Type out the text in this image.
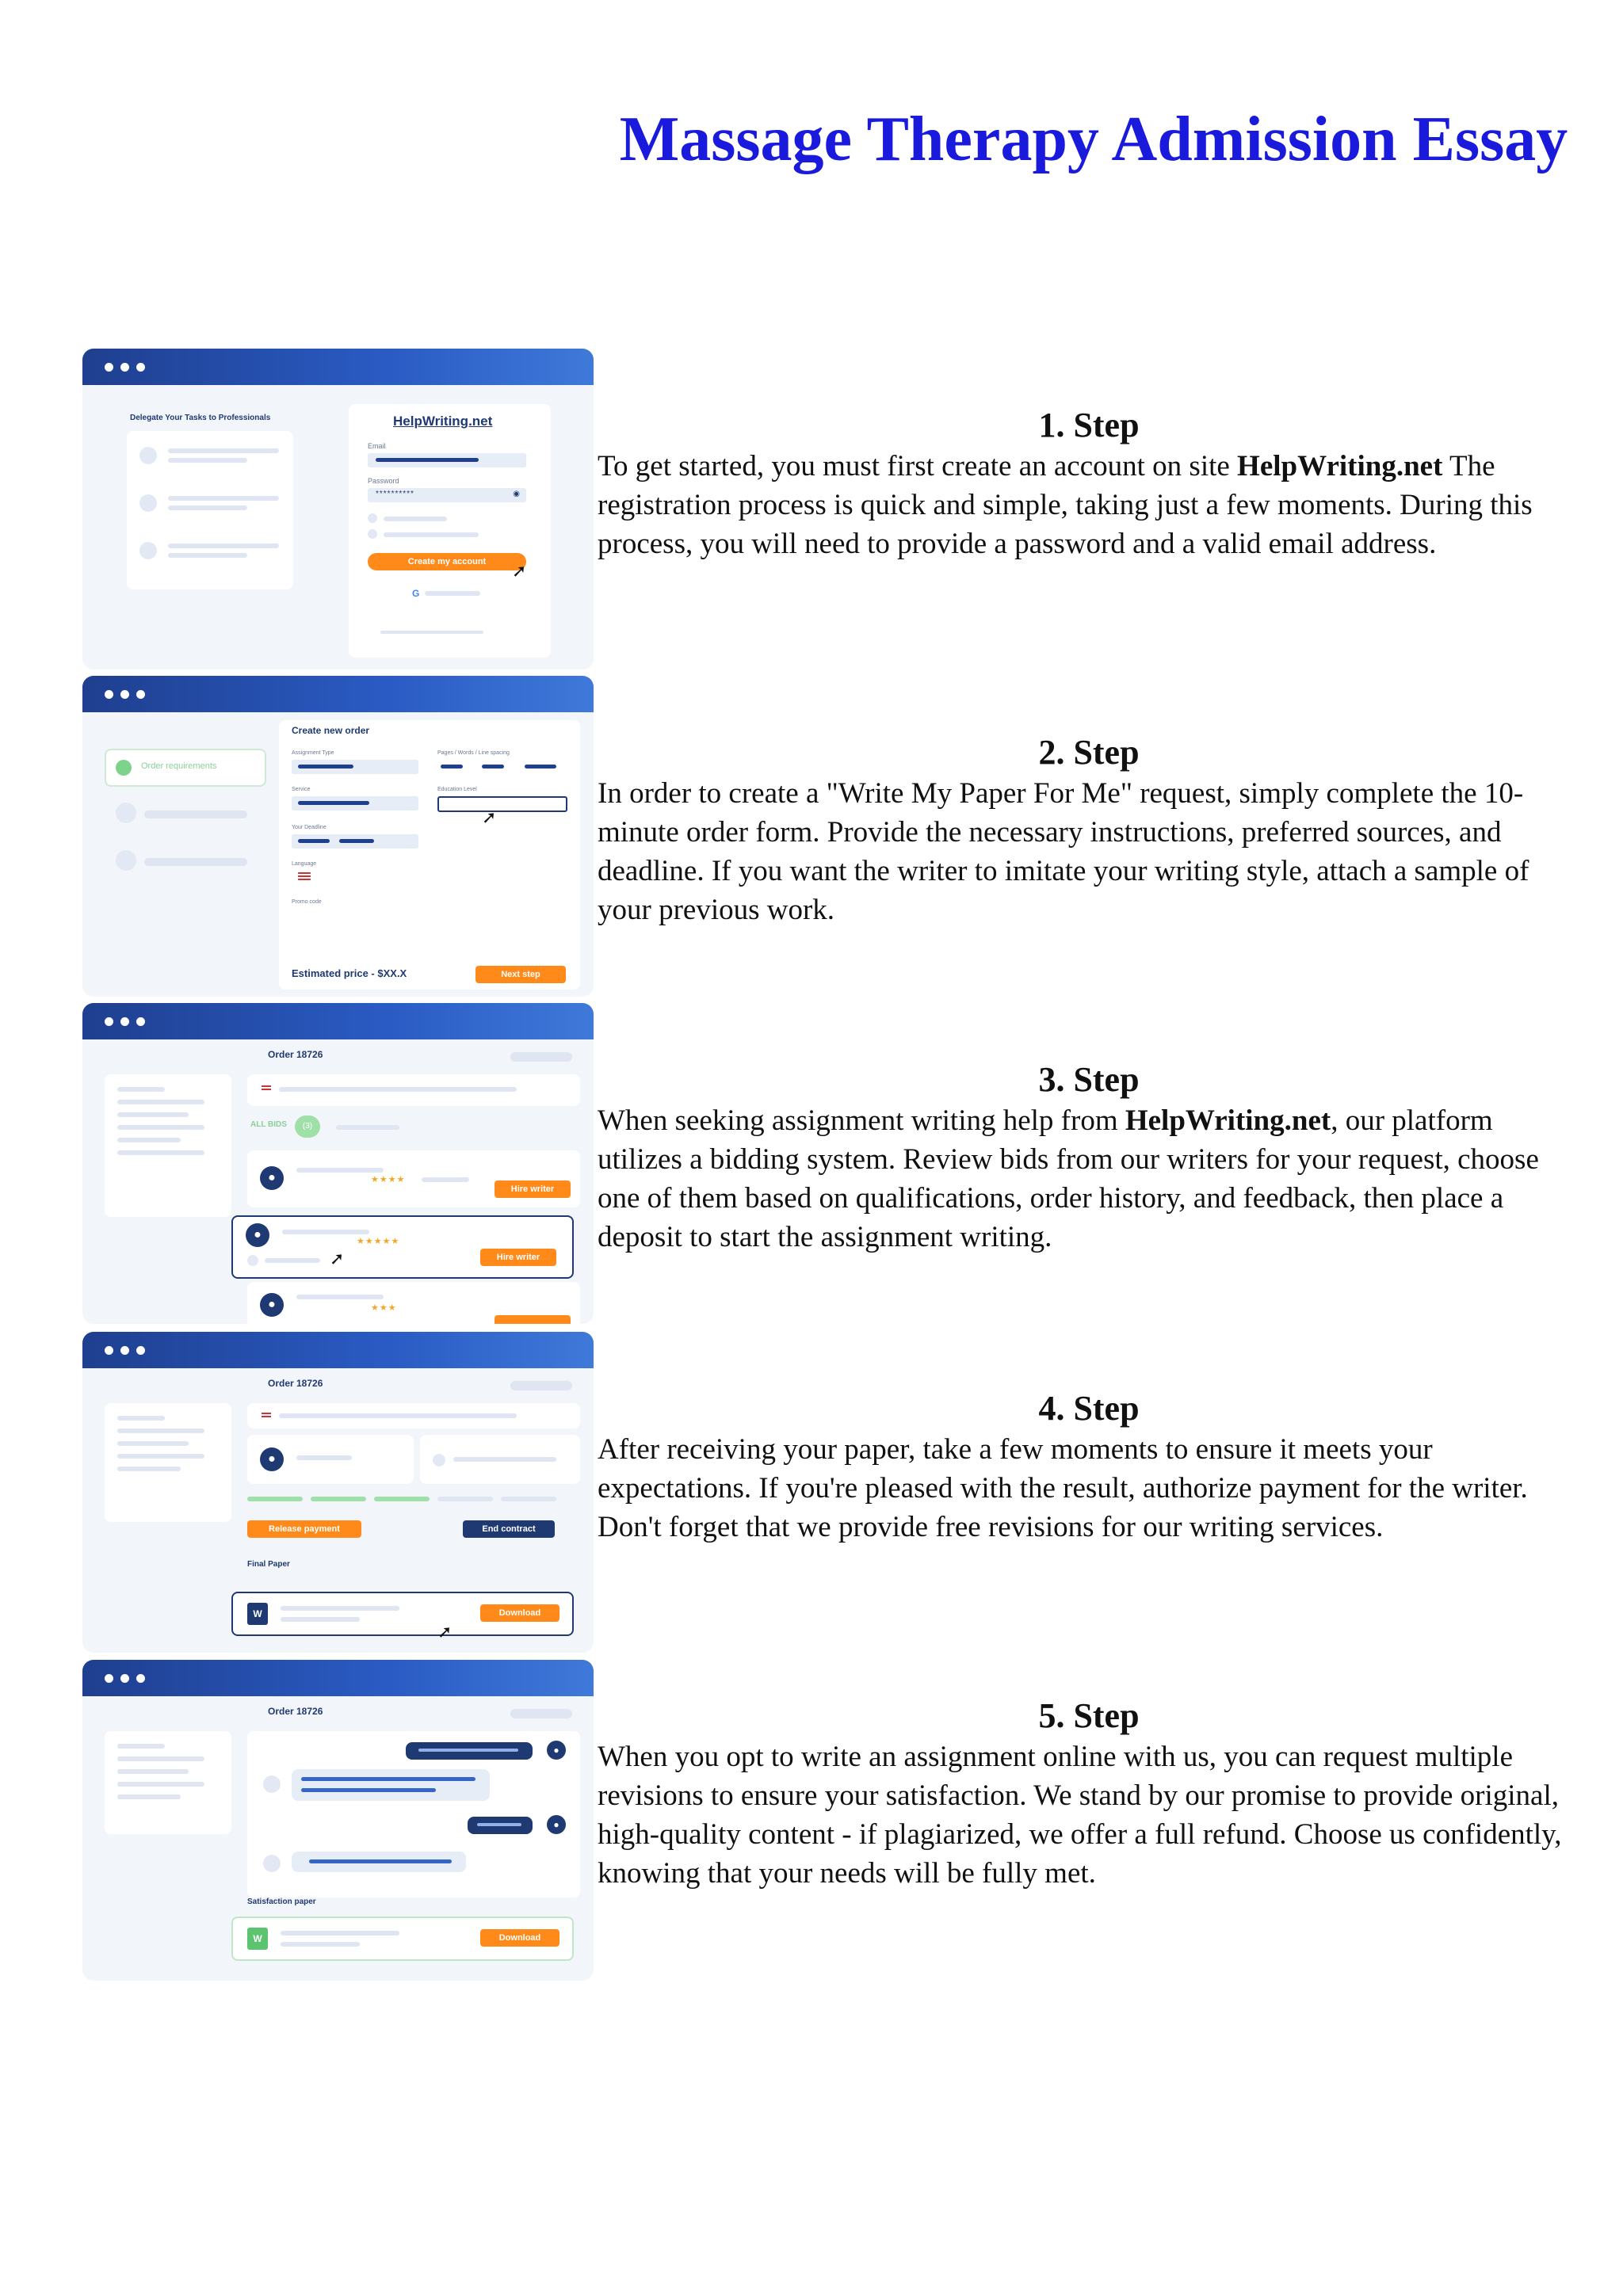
Massage Therapy Admission Essay
Delegate Your Tasks to Professionals	HelpWriting.net
Email
Password
**********	◉
Create my account	➚
G
1. Step
To get started, you must first create an account on site HelpWriting.net The registration process is quick and simple, taking just a few moments. During this process, you will need to provide a password and a valid email address.
Order requirements
Create new order
Assignment Type	Pages / Words / Line spacing
Service	Education Level
➚
Your Deadline
Language
Promo code
Estimated price - $XX.X	Next step
2. Step
In order to create a "Write My Paper For Me" request, simply complete the 10-minute order form. Provide the necessary instructions, preferred sources, and deadline. If you want the writer to imitate your writing style, attach a sample of your previous work.
Order 18726
ALL BIDS	(3)
●	★★★★
Hire writer
●	★★★★★
➚	Hire writer
●	★★★
3. Step
When seeking assignment writing help from HelpWriting.net, our platform utilizes a bidding system. Review bids from our writers for your request, choose one of them based on qualifications, order history, and feedback, then place a deposit to start the assignment writing.
Order 18726
●
Release payment	End contract
Final Paper
W	Download
➚
4. Step
After receiving your paper, take a few moments to ensure it meets your expectations. If you're pleased with the result, authorize payment for the writer. Don't forget that we provide free revisions for our writing services.
Order 18726
●
●
Satisfaction paper
W	Download
5. Step
When you opt to write an assignment online with us, you can request multiple revisions to ensure your satisfaction. We stand by our promise to provide original, high-quality content - if plagiarized, we offer a full refund. Choose us confidently, knowing that your needs will be fully met.
